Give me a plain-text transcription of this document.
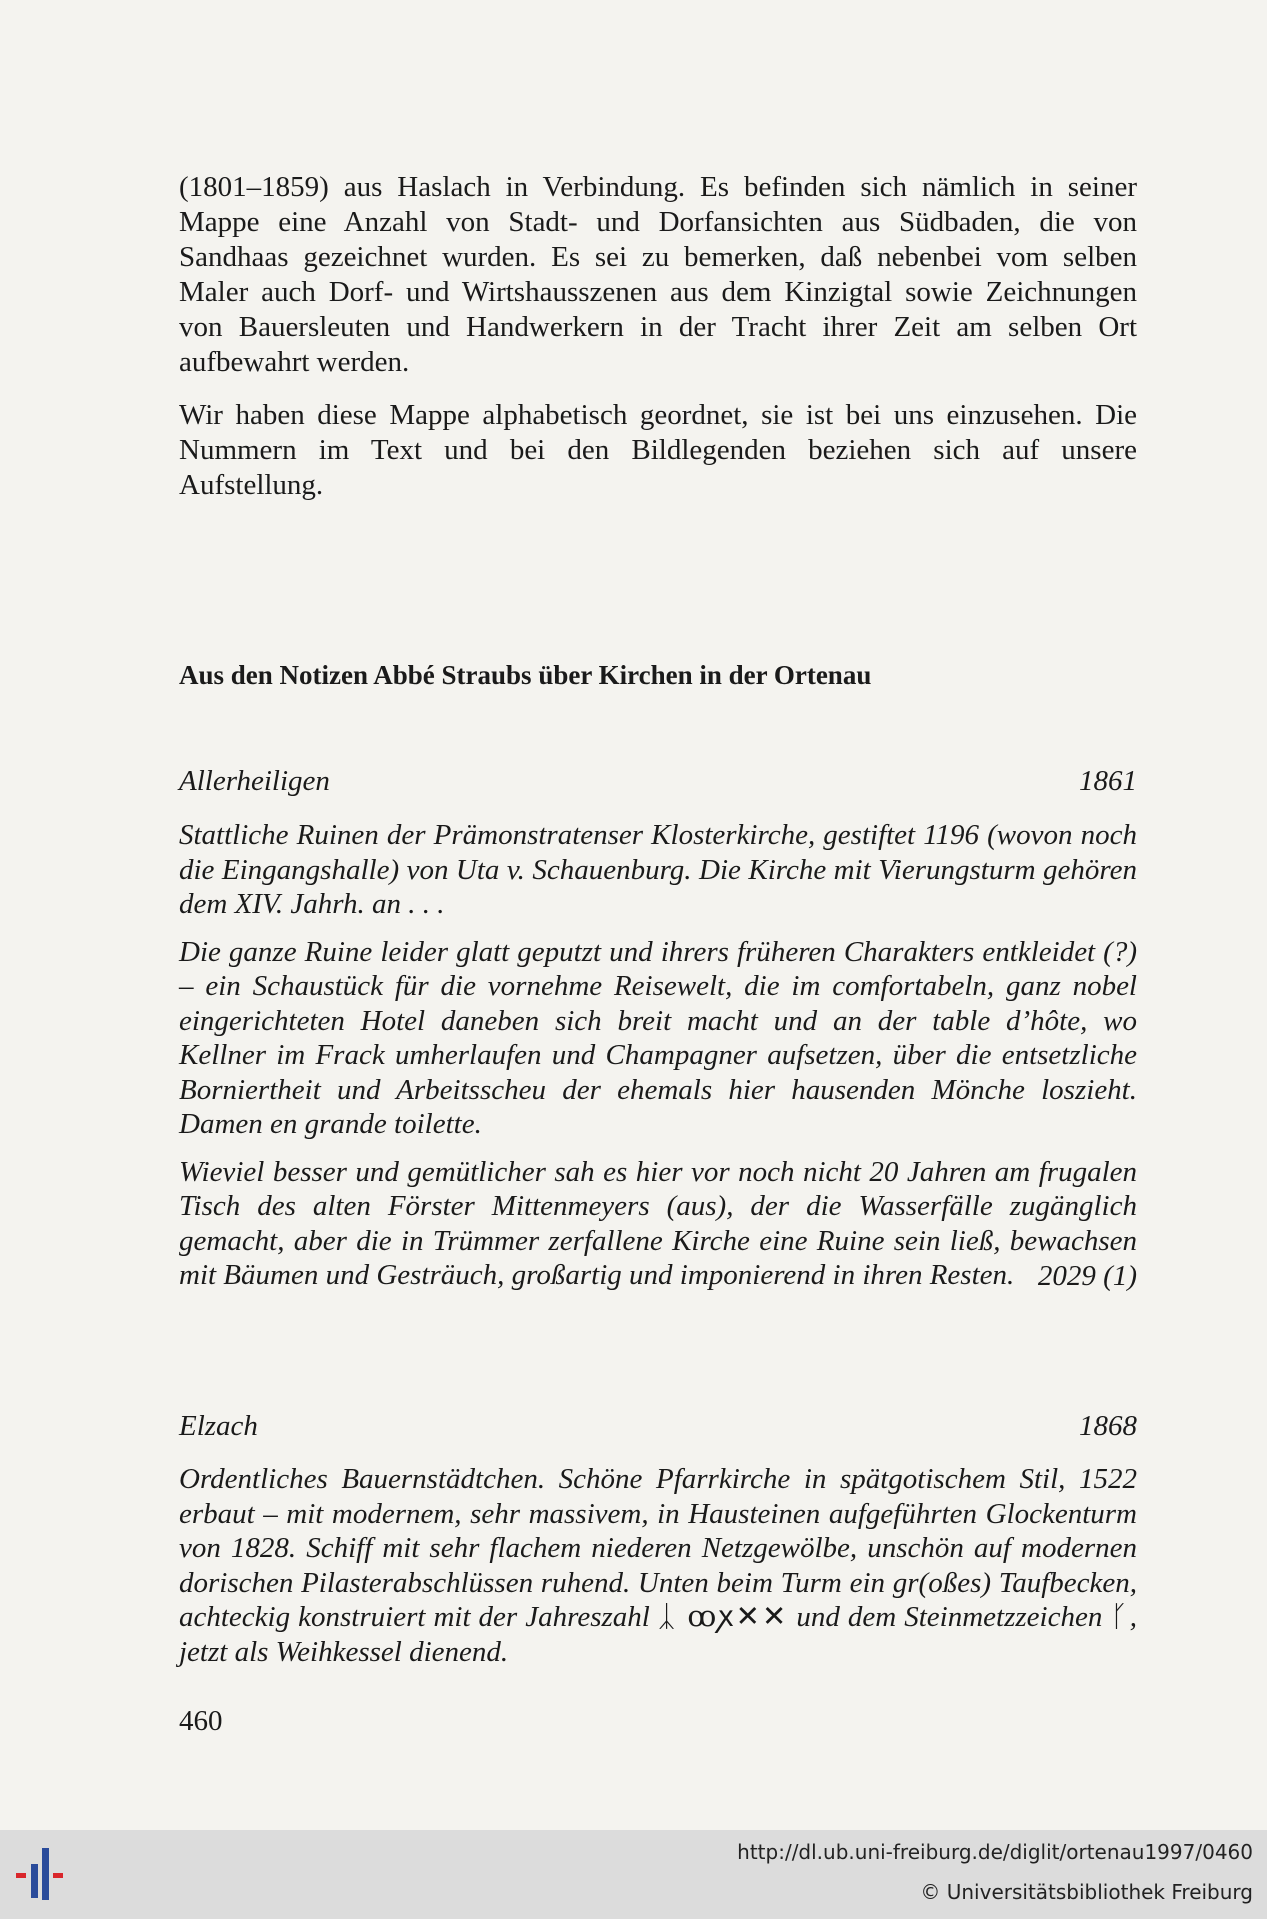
(1801–1859) aus Haslach in Verbindung. Es befinden sich nämlich in seiner Mappe eine Anzahl von Stadt- und Dorfansichten aus Südbaden, die von Sandhaas gezeichnet wurden. Es sei zu bemerken, daß nebenbei vom selben Maler auch Dorf- und Wirtshausszenen aus dem Kinzigtal sowie Zeichnungen von Bauersleuten und Handwerkern in der Tracht ihrer Zeit am selben Ort aufbewahrt werden.

Wir haben diese Mappe alphabetisch geordnet, sie ist bei uns einzusehen. Die Nummern im Text und bei den Bildlegenden beziehen sich auf unsere Aufstellung.

Aus den Notizen Abbé Straubs über Kirchen in der Ortenau
Allerheiligen	1861

Stattliche Ruinen der Prämonstratenser Klosterkirche, gestiftet 1196 (wovon noch die Eingangshalle) von Uta v. Schauenburg. Die Kirche mit Vierungsturm gehören dem XIV. Jahrh. an . . .

Die ganze Ruine leider glatt geputzt und ihrers früheren Charakters entkleidet (?) – ein Schaustück für die vornehme Reisewelt, die im comfortabeln, ganz nobel eingerichteten Hotel daneben sich breit macht und an der table d’hôte, wo Kellner im Frack umherlaufen und Champagner aufsetzen, über die entsetzliche Borniertheit und Arbeitsscheu der ehemals hier hausenden Mönche loszieht. Damen en grande toilette.

Wieviel besser und gemütlicher sah es hier vor noch nicht 20 Jahren am frugalen Tisch des alten Förster Mittenmeyers (aus), der die Wasserfälle zugänglich gemacht, aber die in Trümmer zerfallene Kirche eine Ruine sein ließ, bewachsen mit Bäumen und Gesträuch, großartig und imponierend in ihren Resten. 2029 (1)
Elzach	1868

Ordentliches Bauernstädtchen. Schöne Pfarrkirche in spätgotischem Stil, 1522 erbaut – mit modernem, sehr massivem, in Hausteinen aufgeführten Glockenturm von 1828. Schiff mit sehr flachem niederen Netzgewölbe, unschön auf modernen dorischen Pilasterabschlüssen ruhend. Unten beim Turm ein gr(oßes) Taufbecken, achteckig konstruiert mit der Jahreszahl ᛣ ꝏꭗ✕✕ und dem Steinmetzzeichen ᚴ, jetzt als Weihkessel dienend.

460
http://dl.ub.uni-freiburg.de/diglit/ortenau1997/0460
© Universitätsbibliothek Freiburg
